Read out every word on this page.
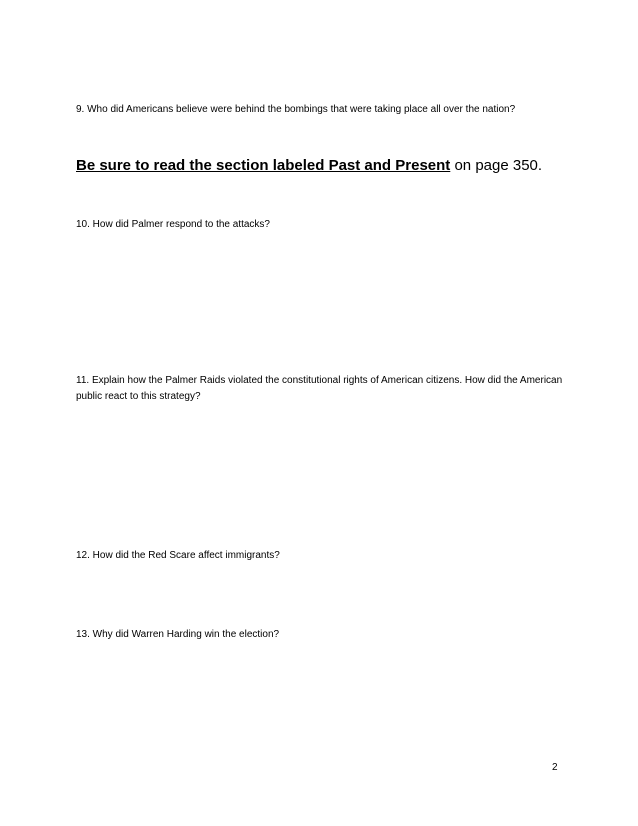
9. Who did Americans believe were behind the bombings that were taking place all over the nation?

Be sure to read the section labeled Past and Present on page 350.

10. How did Palmer respond to the attacks?

11. Explain how the Palmer Raids violated the constitutional rights of American citizens. How did the American public react to this strategy?

12. How did the Red Scare affect immigrants?

13. Why did Warren Harding win the election?

2
